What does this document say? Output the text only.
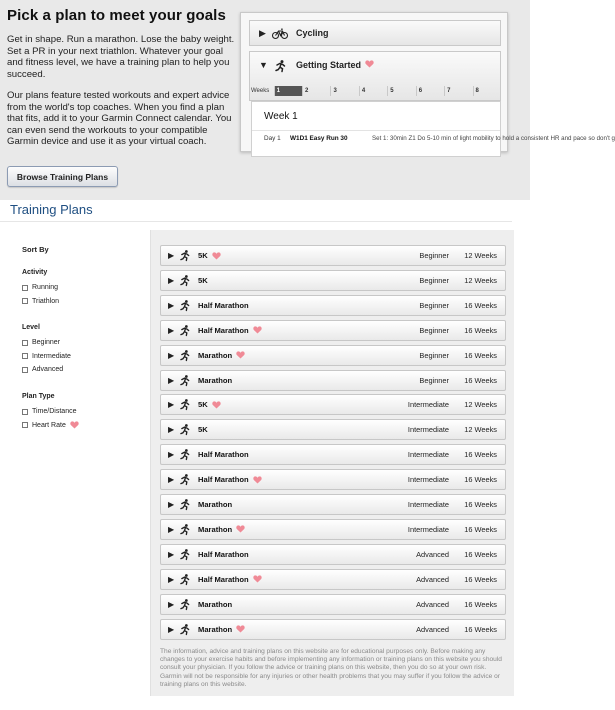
Pick a plan to meet your goals
Get in shape. Run a marathon. Lose the baby weight. Set a PR in your next triathlon. Whatever your goal and fitness level, we have a training plan to help you succeed.
Our plans feature tested workouts and expert advice from the world's top coaches. When you find a plan that fits, add it to your Garmin Connect calendar. You can even send the workouts to your compatible Garmin device and use it as your virtual coach.
Browse Training Plans
▶	Cycling
▼	Getting Started
Weeks	1	2	3	4	5	6	7	8
Week 1
Day 1 W1D1 Easy Run 30	Set 1: 30min Z1 Do 5-10 min of light mobility to hold a consistent HR and pace so don't g
Training Plans
Sort By
Activity
Running
Triathlon
Level
Beginner
Intermediate
Advanced
Plan Type
Time/Distance
Heart Rate
▶	5K	Beginner 12 Weeks
▶	5K	Beginner 12 Weeks
▶	Half Marathon	Beginner 16 Weeks
▶	Half Marathon	Beginner 16 Weeks
▶	Marathon	Beginner 16 Weeks
▶	Marathon	Beginner 16 Weeks
▶	5K	Intermediate 12 Weeks
▶	5K	Intermediate 12 Weeks
▶	Half Marathon	Intermediate 16 Weeks
▶	Half Marathon	Intermediate 16 Weeks
▶	Marathon	Intermediate 16 Weeks
▶	Marathon	Intermediate 16 Weeks
▶	Half Marathon	Advanced 16 Weeks
▶	Half Marathon	Advanced 16 Weeks
▶	Marathon	Advanced 16 Weeks
▶	Marathon	Advanced 16 Weeks
The information, advice and training plans on this website are for educational purposes only. Before making any changes to your exercise habits and before implementing any information or training plans on this website you should consult your physician. If you follow the advice or training plans on this website, then you do so at your own risk. Garmin will not be responsible for any injuries or other health problems that you may suffer if you follow the advice or training plans on this website.
